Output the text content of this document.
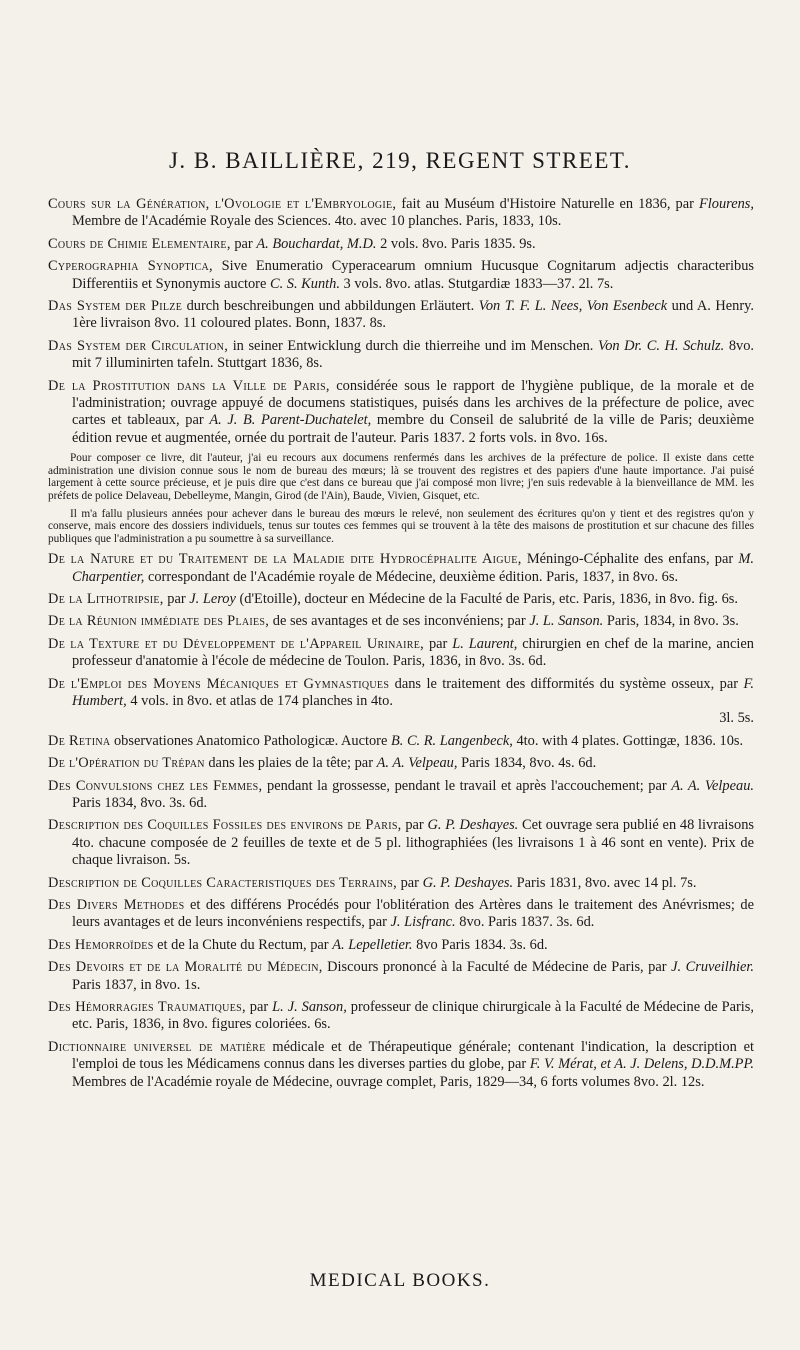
J. B. BAILLIÈRE, 219, REGENT STREET.

Cours sur la Génération, l'Ovologie et l'Embryologie, fait au Muséum d'Histoire Naturelle en 1836, par Flourens, Membre de l'Académie Royale des Sciences. 4to. avec 10 planches. Paris, 1833, 10s.

Cours de Chimie Elementaire, par A. Bouchardat, M.D. 2 vols. 8vo. Paris 1835. 9s.

Cyperographia Synoptica, Sive Enumeratio Cyperacearum omnium Hucusque Cognitarum adjectis characteribus Differentiis et Synonymis auctore C. S. Kunth. 3 vols. 8vo. atlas. Stutgardiæ 1833—37. 2l. 7s.

Das System der Pilze durch beschreibungen und abbildungen Erläutert. Von T. F. L. Nees, Von Esenbeck und A. Henry. 1ère livraison 8vo. 11 coloured plates. Bonn, 1837. 8s.

Das System der Circulation, in seiner Entwicklung durch die thierreihe und im Menschen. Von Dr. C. H. Schulz. 8vo. mit 7 illuminirten tafeln. Stuttgart 1836, 8s.

De la Prostitution dans la Ville de Paris, considérée sous le rapport de l'hygiène publique, de la morale et de l'administration; ouvrage appuyé de documens statistiques, puisés dans les archives de la préfecture de police, avec cartes et tableaux, par A. J. B. Parent-Duchatelet, membre du Conseil de salubrité de la ville de Paris; deuxième édition revue et augmentée, ornée du portrait de l'auteur. Paris 1837. 2 forts vols. in 8vo. 16s.

Pour composer ce livre, dit l'auteur, j'ai eu recours aux documens renfermés dans les archives de la préfecture de police. Il existe dans cette administration une division connue sous le nom de bureau des mœurs; là se trouvent des registres et des papiers d'une haute importance. J'ai puisé largement à cette source précieuse, et je puis dire que c'est dans ce bureau que j'ai composé mon livre; j'en suis redevable à la bienveillance de MM. les préfets de police Delaveau, Debelleyme, Mangin, Girod (de l'Ain), Baude, Vivien, Gisquet, etc.

Il m'a fallu plusieurs années pour achever dans le bureau des mœurs le relevé, non seulement des écritures qu'on y tient et des registres qu'on y conserve, mais encore des dossiers individuels, tenus sur toutes ces femmes qui se trouvent à la tête des maisons de prostitution et sur chacune des filles publiques que l'administration a pu soumettre à sa surveillance.

De la Nature et du Traitement de la Maladie dite Hydrocéphalite Aigue, Méningo-Céphalite des enfans, par M. Charpentier, correspondant de l'Académie royale de Médecine, deuxième édition. Paris, 1837, in 8vo. 6s.

De la Lithotripsie, par J. Leroy (d'Etoille), docteur en Médecine de la Faculté de Paris, etc. Paris, 1836, in 8vo. fig. 6s.

De la Réunion immédiate des Plaies, de ses avantages et de ses inconvéniens; par J. L. Sanson. Paris, 1834, in 8vo. 3s.

De la Texture et du Développement de l'Appareil Urinaire, par L. Laurent, chirurgien en chef de la marine, ancien professeur d'anatomie à l'école de médecine de Toulon. Paris, 1836, in 8vo. 3s. 6d.

De l'Emploi des Moyens Mécaniques et Gymnastiques dans le traitement des difformités du système osseux, par F. Humbert, 4 vols. in 8vo. et atlas de 174 planches in 4to.
3l. 5s.

De Retina observationes Anatomico Pathologicæ. Auctore B. C. R. Langenbeck, 4to. with 4 plates. Gottingæ, 1836. 10s.

De l'Opération du Trépan dans les plaies de la tête; par A. A. Velpeau, Paris 1834, 8vo. 4s. 6d.

Des Convulsions chez les Femmes, pendant la grossesse, pendant le travail et après l'accouchement; par A. A. Velpeau. Paris 1834, 8vo. 3s. 6d.

Description des Coquilles Fossiles des environs de Paris, par G. P. Deshayes. Cet ouvrage sera publié en 48 livraisons 4to. chacune composée de 2 feuilles de texte et de 5 pl. lithographiées (les livraisons 1 à 46 sont en vente). Prix de chaque livraison. 5s.

Description de Coquilles Caracteristiques des Terrains, par G. P. Deshayes. Paris 1831, 8vo. avec 14 pl. 7s.

Des Divers Methodes et des différens Procédés pour l'oblitération des Artères dans le traitement des Anévrismes; de leurs avantages et de leurs inconvéniens respectifs, par J. Lisfranc. 8vo. Paris 1837. 3s. 6d.

Des Hemorroïdes et de la Chute du Rectum, par A. Lepelletier. 8vo Paris 1834. 3s. 6d.

Des Devoirs et de la Moralité du Médecin, Discours prononcé à la Faculté de Médecine de Paris, par J. Cruveilhier. Paris 1837, in 8vo. 1s.

Des Hémorragies Traumatiques, par L. J. Sanson, professeur de clinique chirurgicale à la Faculté de Médecine de Paris, etc. Paris, 1836, in 8vo. figures coloriées. 6s.

Dictionnaire universel de matière médicale et de Thérapeutique générale; contenant l'indication, la description et l'emploi de tous les Médicamens connus dans les diverses parties du globe, par F. V. Mérat, et A. J. Delens, D.D.M.PP. Membres de l'Académie royale de Médecine, ouvrage complet, Paris, 1829—34, 6 forts volumes 8vo. 2l. 12s.

MEDICAL BOOKS.
